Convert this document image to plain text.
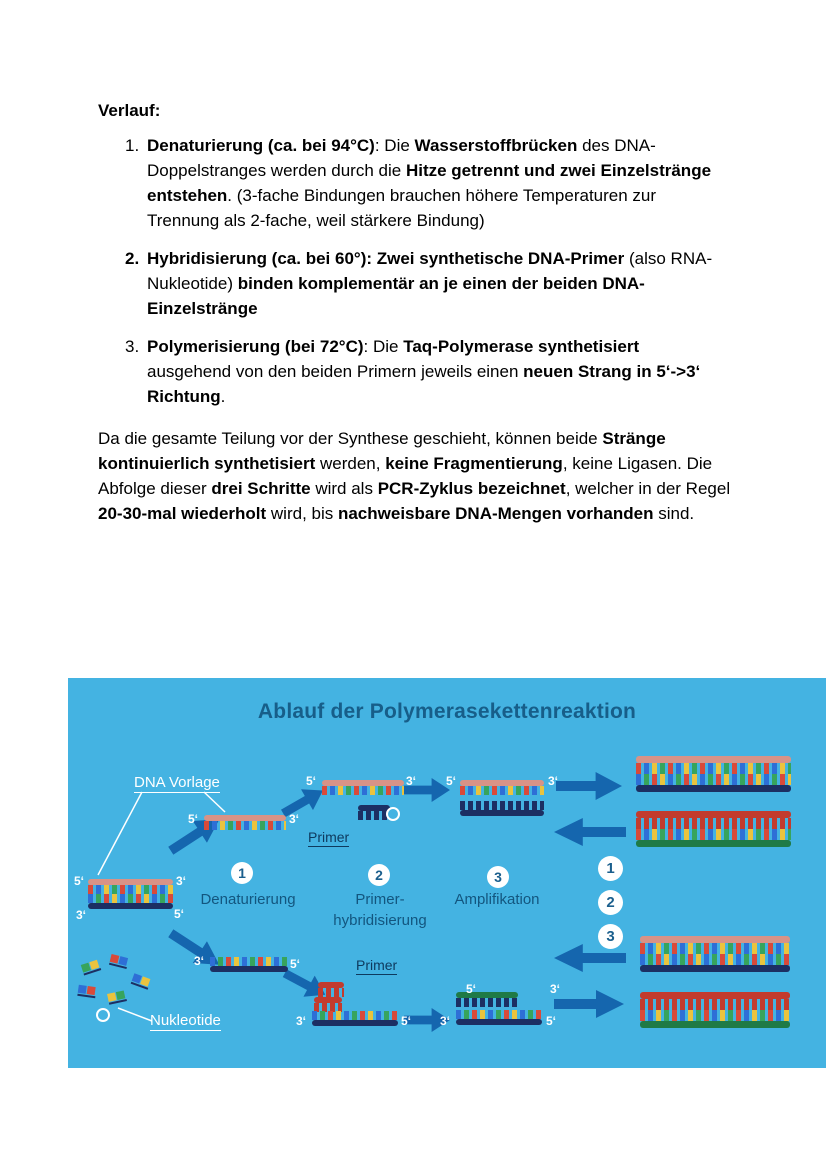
Verlauf:

1. Denaturierung (ca. bei 94°C): Die Wasserstoffbrücken des DNA-Doppelstranges werden durch die Hitze getrennt und zwei Einzelstränge entstehen. (3-fache Bindungen brauchen höhere Temperaturen zur Trennung als 2-fache, weil stärkere Bindung)
2. Hybridisierung (ca. bei 60°): Zwei synthetische DNA-Primer (also RNA-Nukleotide) binden komplementär an je einen der beiden DNA-Einzelstränge
3. Polymerisierung (bei 72°C): Die Taq-Polymerase synthetisiert ausgehend von den beiden Primern jeweils einen neuen Strang in 5‘->3‘ Richtung.

Da die gesamte Teilung vor der Synthese geschieht, können beide Stränge kontinuierlich synthetisiert werden, keine Fragmentierung, keine Ligasen. Die Abfolge dieser drei Schritte wird als PCR-Zyklus bezeichnet, welcher in der Regel 20-30-mal wiederholt wird, bis nachweisbare DNA-Mengen vorhanden sind.

Ablauf der Polymerasekettenreaktion
1	2	3
Denaturierung	Primer-
hybridisierung
Amplifikation
1
2
3
DNA Vorlage
Primer
Primer
Nukleotide
5‘	3‘
3‘	5‘
5‘	3‘
5‘	3‘ 5‘	3‘
3‘	5‘
3‘	5‘
5‘	3‘
3‘	5‘
